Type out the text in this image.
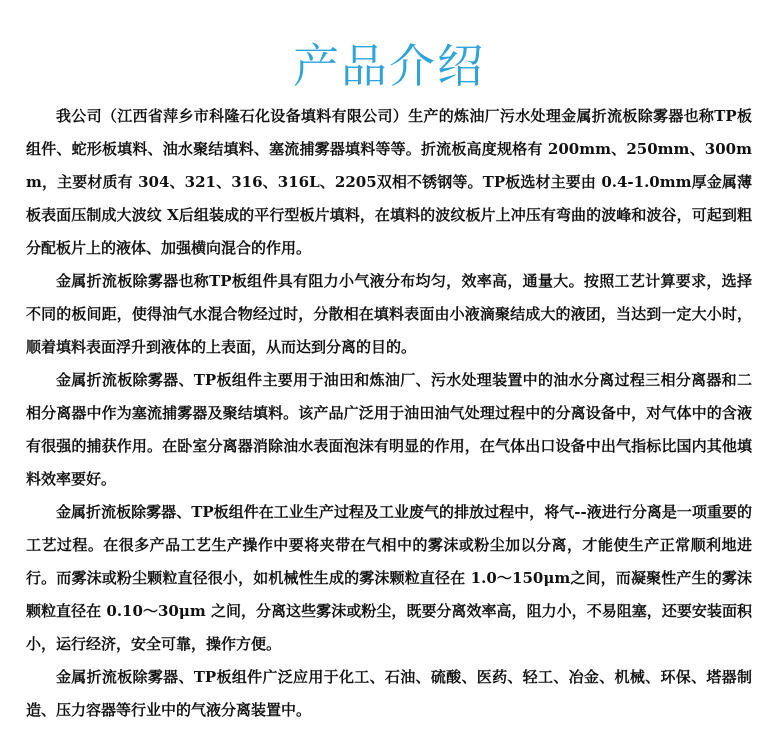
产品介绍

我公司（江西省萍乡市科隆石化设备填料有限公司）生产的炼油厂污水处理金属折流板除雾器也称TP板组件、蛇形板填料、油水聚结填料、塞流捕雾器填料等等。折流板高度规格有 200mm、250mm、300mm，主要材质有 304、321、316、316L、2205双相不锈钢等。TP板选材主要由 0.4-1.0mm厚金属薄板表面压制成大波纹 X后组装成的平行型板片填料，在填料的波纹板片上冲压有弯曲的波峰和波谷，可起到粗分配板片上的液体、加强横向混合的作用。

金属折流板除雾器也称TP板组件具有阻力小气液分布均匀，效率高，通量大。按照工艺计算要求，选择不同的板间距，使得油气水混合物经过时，分散相在填料表面由小液滴聚结成大的液团，当达到一定大小时，顺着填料表面浮升到液体的上表面，从而达到分离的目的。

金属折流板除雾器、TP板组件主要用于油田和炼油厂、污水处理装置中的油水分离过程三相分离器和二相分离器中作为塞流捕雾器及聚结填料。该产品广泛用于油田油气处理过程中的分离设备中，对气体中的含液有很强的捕获作用。在卧室分离器消除油水表面泡沫有明显的作用，在气体出口设备中出气指标比国内其他填料效率要好。

金属折流板除雾器、TP板组件在工业生产过程及工业废气的排放过程中，将气--液进行分离是一项重要的工艺过程。在很多产品工艺生产操作中要将夹带在气相中的雾沫或粉尘加以分离，才能使生产正常顺利地进行。而雾沫或粉尘颗粒直径很小，如机械性生成的雾沫颗粒直径在 1.0～150μm之间，而凝聚性产生的雾沫颗粒直径在 0.10～30μm 之间，分离这些雾沫或粉尘，既要分离效率高，阻力小，不易阻塞，还要安装面积小，运行经济，安全可靠，操作方便。

金属折流板除雾器、TP板组件广泛应用于化工、石油、硫酸、医药、轻工、冶金、机械、环保、塔器制造、压力容器等行业中的气液分离装置中。
